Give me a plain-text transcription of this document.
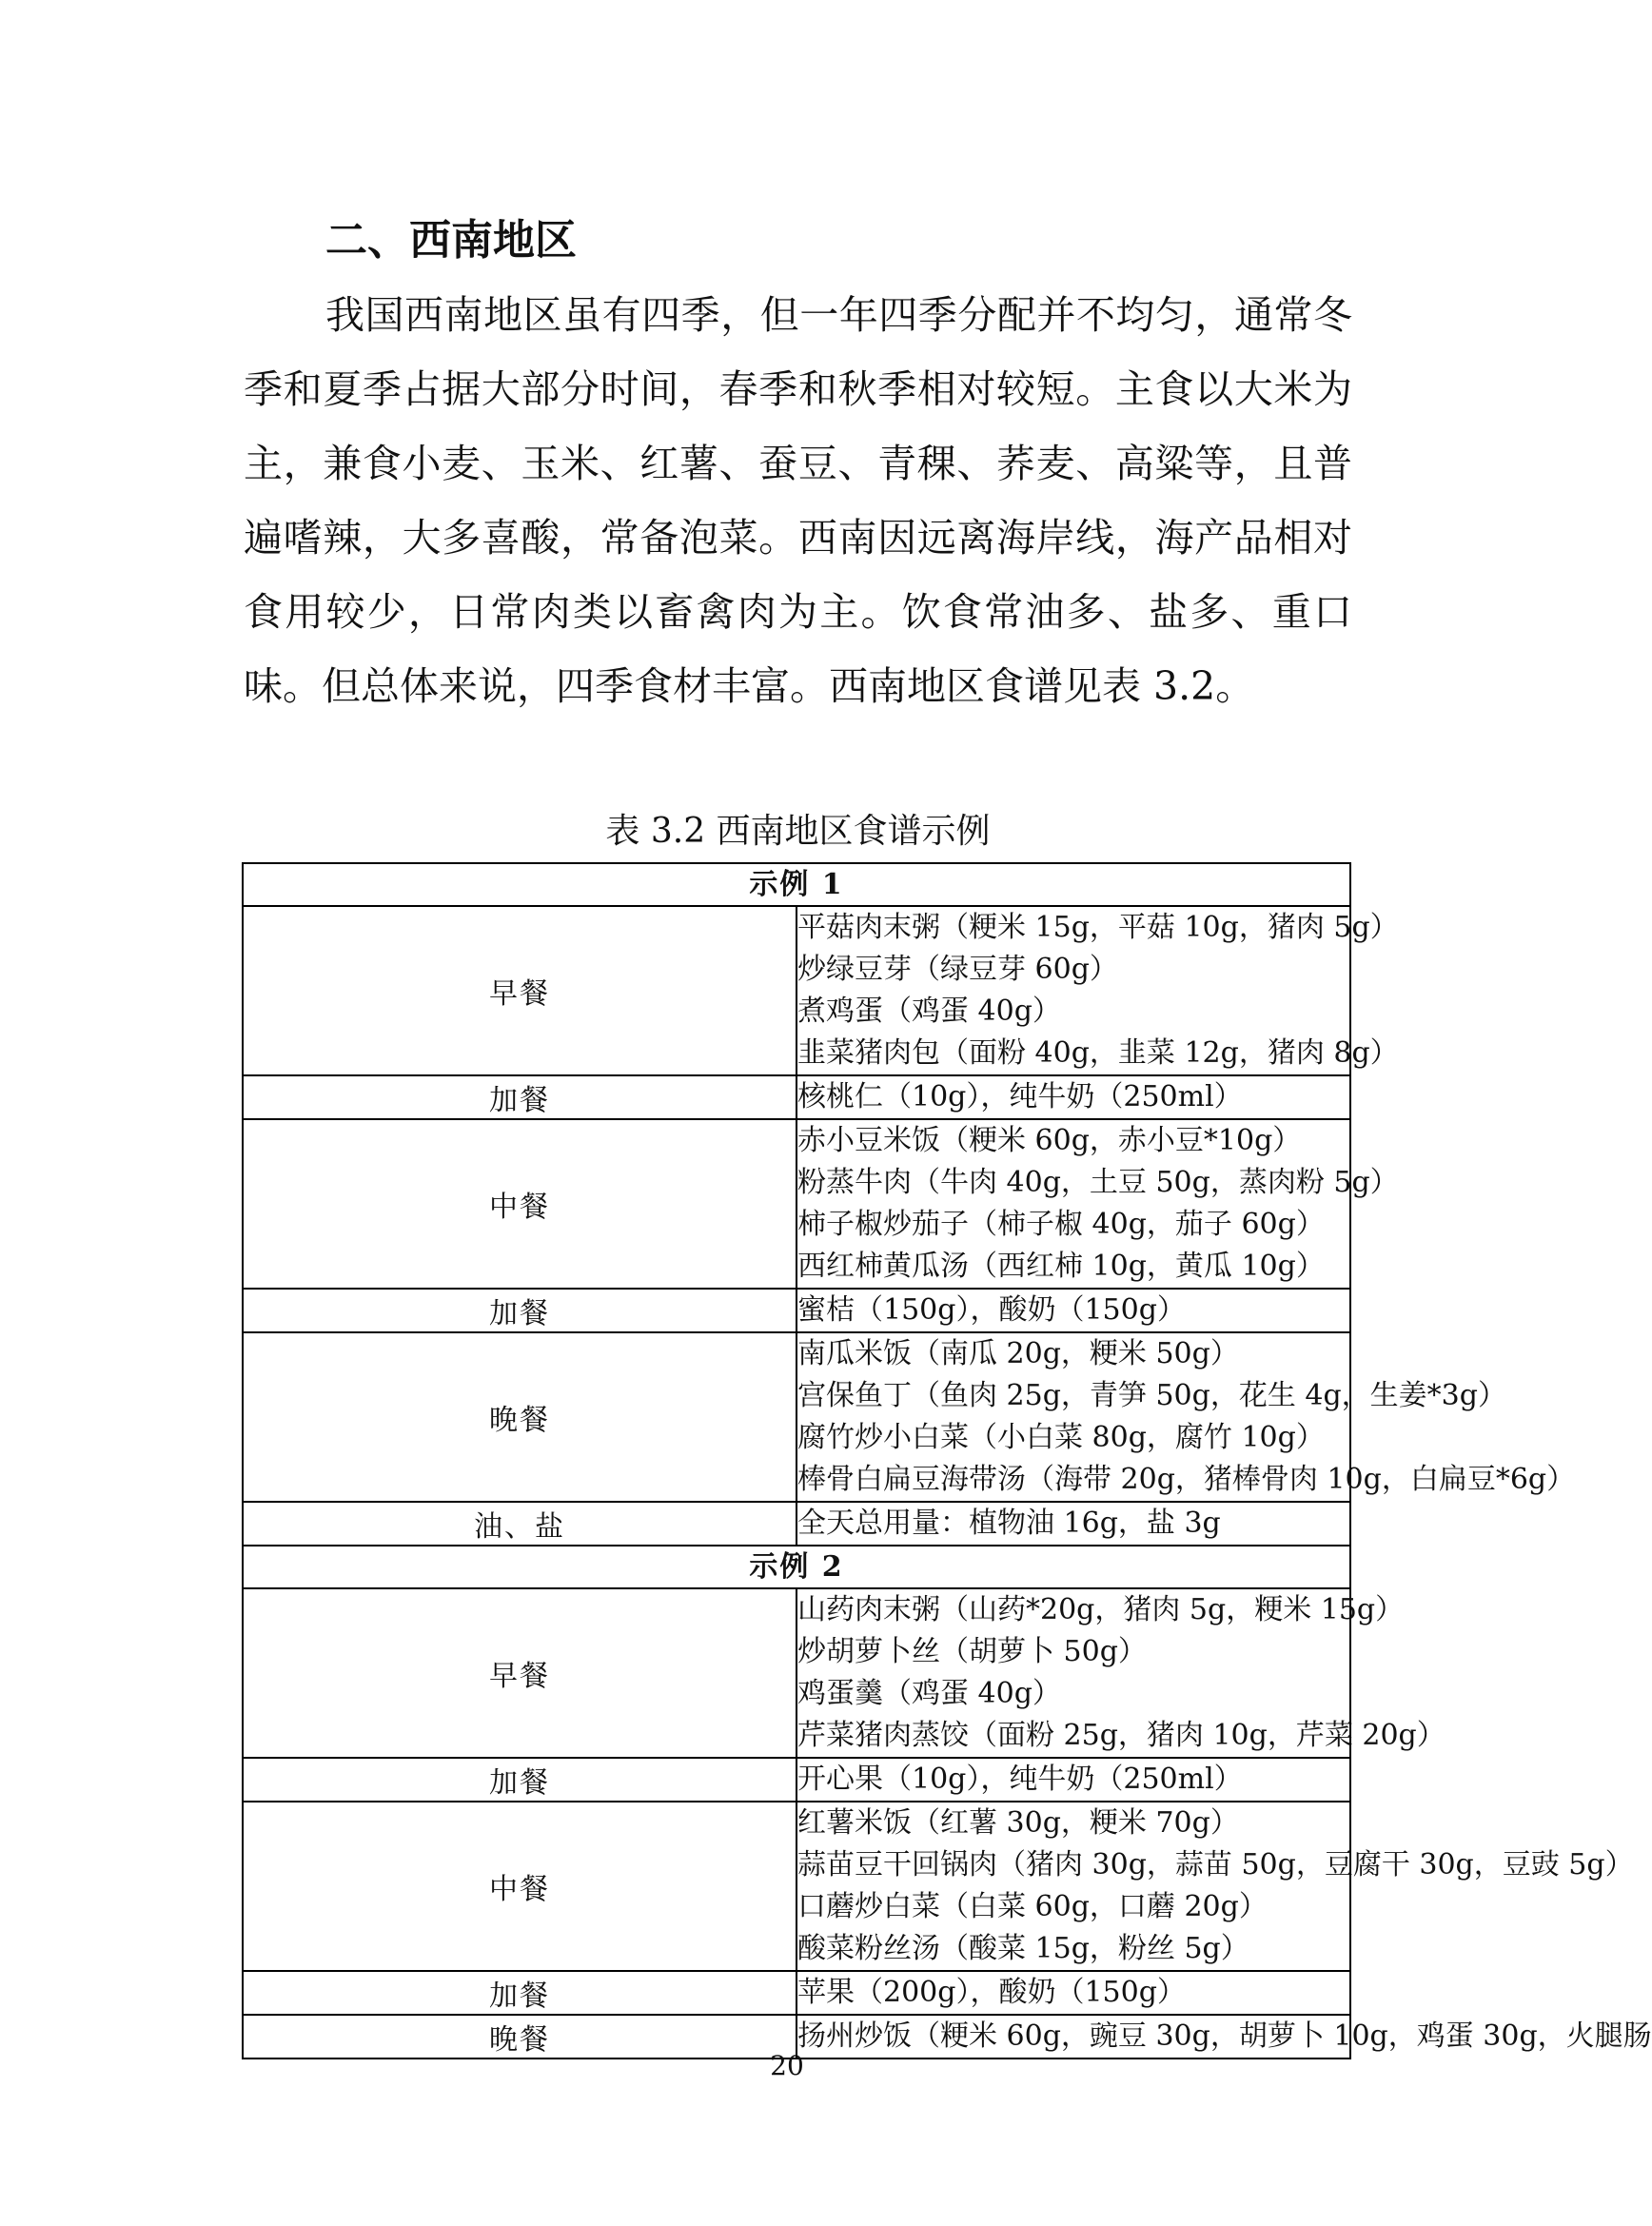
二、西南地区

我国西南地区虽有四季，但一年四季分配并不均匀，通常冬季和夏季占据大部分时间，春季和秋季相对较短。主食以大米为主，兼食小麦、玉米、红薯、蚕豆、青稞、荞麦、高粱等，且普遍嗜辣，大多喜酸，常备泡菜。西南因远离海岸线，海产品相对食用较少，日常肉类以畜禽肉为主。饮食常油多、盐多、重口味。但总体来说，四季食材丰富。西南地区食谱见表 3.2。

表 3.2 西南地区食谱示例

示例 1	
早餐	平菇肉末粥（粳米 15g，平菇 10g，猪肉 5g）
炒绿豆芽（绿豆芽 60g）
煮鸡蛋（鸡蛋 40g）
韭菜猪肉包（面粉 40g，韭菜 12g，猪肉 8g）

加餐	核桃仁（10g），纯牛奶（250ml）

中餐	赤小豆米饭（粳米 60g，赤小豆*10g）
粉蒸牛肉（牛肉 40g，土豆 50g，蒸肉粉 5g）
柿子椒炒茄子（柿子椒 40g，茄子 60g）
西红柿黄瓜汤（西红柿 10g，黄瓜 10g）

加餐	蜜桔（150g），酸奶（150g）

晚餐	南瓜米饭（南瓜 20g，粳米 50g）
宫保鱼丁（鱼肉 25g，青笋 50g，花生 4g，生姜*3g）
腐竹炒小白菜（小白菜 80g，腐竹 10g）
棒骨白扁豆海带汤（海带 20g，猪棒骨肉 10g，白扁豆*6g）

油、盐	全天总用量：植物油 16g，盐 3g

示例 2	
早餐	山药肉末粥（山药*20g，猪肉 5g，粳米 15g）
炒胡萝卜丝（胡萝卜 50g）
鸡蛋羹（鸡蛋 40g）
芹菜猪肉蒸饺（面粉 25g，猪肉 10g，芹菜 20g）

加餐	开心果（10g），纯牛奶（250ml）

中餐	红薯米饭（红薯 30g，粳米 70g）
蒜苗豆干回锅肉（猪肉 30g，蒜苗 50g，豆腐干 30g，豆豉 5g）
口蘑炒白菜（白菜 60g，口蘑 20g）
酸菜粉丝汤（酸菜 15g，粉丝 5g）

加餐	苹果（200g），酸奶（150g）

晚餐	扬州炒饭（粳米 60g，豌豆 30g，胡萝卜 10g，鸡蛋 30g，火腿肠

20
